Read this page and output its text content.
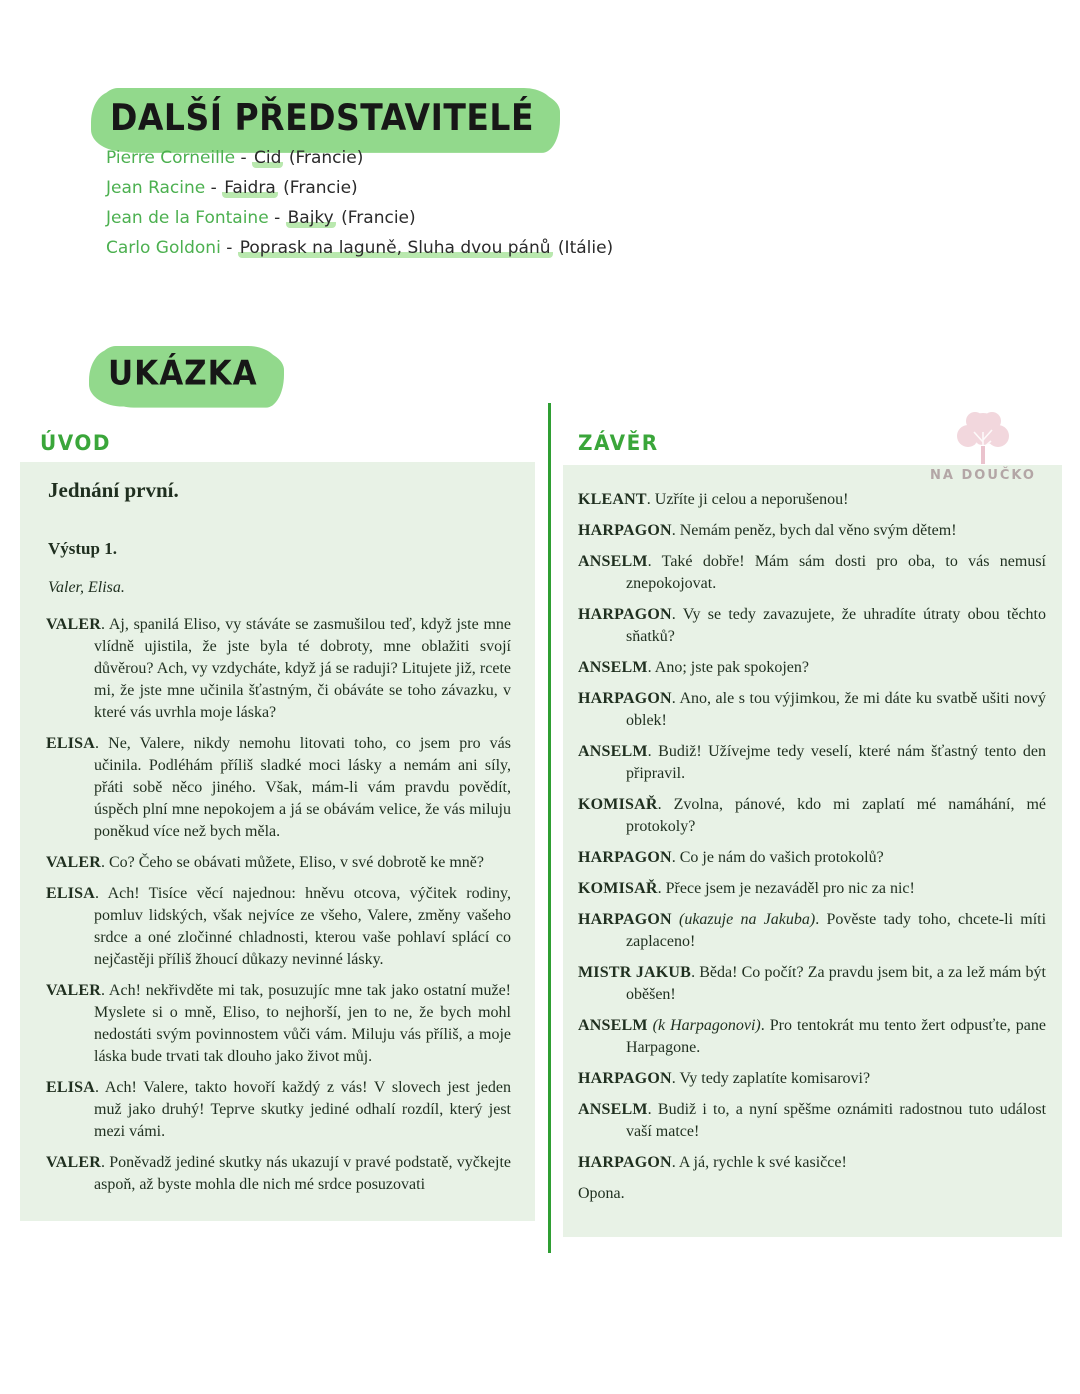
DALŠÍ PŘEDSTAVITELÉ
Pierre Corneille - Cid (Francie)
Jean Racine - Faidra (Francie)
Jean de la Fontaine - Bajky (Francie)
Carlo Goldoni - Poprask na laguně, Sluha dvou pánů (Itálie)
UKÁZKA
ÚVOD	ZÁVĚR
Jednání první.
Výstup 1.
Valer, Elisa.

VALER. Aj, spanilá Eliso, vy stáváte se zasmušilou teď, když jste mne vlídně ujistila, že jste byla té dobroty, mne oblažiti svojí důvěrou? Ach, vy vzdycháte, když já se raduji? Litujete již, rcete mi, že jste mne učinila šťastným, či obáváte se toho závazku, v které vás uvrhla moje láska?

ELISA. Ne, Valere, nikdy nemohu litovati toho, co jsem pro vás učinila. Podléhám příliš sladké moci lásky a nemám ani síly, přáti sobě něco jiného. Však, mám-li vám pravdu povědít, úspěch plní mne nepokojem a já se obávám velice, že vás miluju poněkud více než bych měla.

VALER. Co? Čeho se obávati můžete, Eliso, v své dobrotě ke mně?

ELISA. Ach! Tisíce věcí najednou: hněvu otcova, výčitek rodiny, pomluv lidských, však nejvíce ze všeho, Valere, změny vašeho srdce a oné zločinné chladnosti, kterou vaše pohlaví splácí co nejčastěji příliš žhoucí důkazy nevinné lásky.

VALER. Ach! nekřivděte mi tak, posuzujíc mne tak jako ostatní muže! Myslete si o mně, Eliso, to nejhorší, jen to ne, že bych mohl nedostáti svým povinnostem vůči vám. Miluju vás příliš, a moje láska bude trvati tak dlouho jako život můj.

ELISA. Ach! Valere, takto hovoří každý z vás! V slovech jest jeden muž jako druhý! Teprve skutky jediné odhalí rozdíl, který jest mezi vámi.

VALER. Poněvadž jediné skutky nás ukazují v pravé podstatě, vyčkejte aspoň, až byste mohla dle nich mé srdce posuzovati

KLEANT. Uzříte ji celou a neporušenou!

HARPAGON. Nemám peněz, bych dal věno svým dětem!

ANSELM. Také dobře! Mám sám dosti pro oba, to vás nemusí znepokojovat.

HARPAGON. Vy se tedy zavazujete, že uhradíte útraty obou těchto sňatků?

ANSELM. Ano; jste pak spokojen?

HARPAGON. Ano, ale s tou výjimkou, že mi dáte ku svatbě ušiti nový oblek!

ANSELM. Budiž! Užívejme tedy veselí, které nám šťastný tento den připravil.

KOMISAŘ. Zvolna, pánové, kdo mi zaplatí mé namáhání, mé protokoly?

HARPAGON. Co je nám do vašich protokolů?

KOMISAŘ. Přece jsem je nezaváděl pro nic za nic!

HARPAGON (ukazuje na Jakuba). Pověste tady toho, chcete-li míti zaplaceno!

MISTR JAKUB. Běda! Co počít? Za pravdu jsem bit, a za lež mám být oběšen!

ANSELM (k Harpagonovi). Pro tentokrát mu tento žert odpusťte, pane Harpagone.

HARPAGON. Vy tedy zaplatíte komisarovi?

ANSELM. Budiž i to, a nyní spěšme oznámiti radostnou tuto událost vaší matce!

HARPAGON. A já, rychle k své kasičce!

Opona.

NA DOUČKO
